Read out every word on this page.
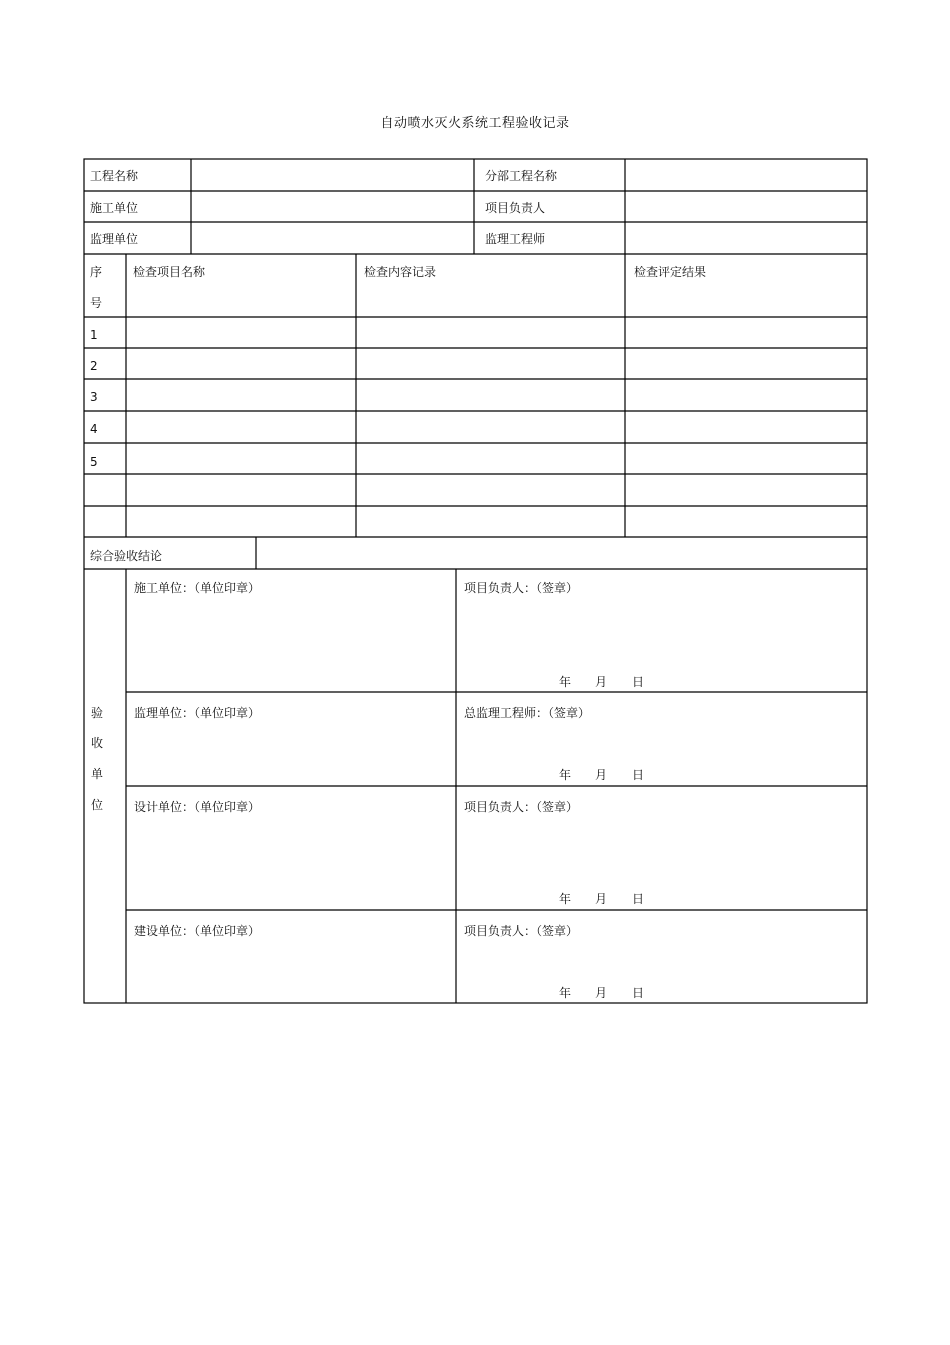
自动喷水灭火系统工程验收记录
工程名称	分部工程名称
施工单位	项目负责人
监理单位	监理工程师
序
号
检查项目名称	检查内容记录	检查评定结果
1
2
3
4
5
综合验收结论
验
收
单
位
施工单位：（单位印章）	项目负责人：（签章）
年 月 日
监理单位：（单位印章）	总监理工程师：（签章）
年 月 日
设计单位：（单位印章）	项目负责人：（签章）
年 月 日
建设单位：（单位印章）	项目负责人：（签章）
年 月 日
